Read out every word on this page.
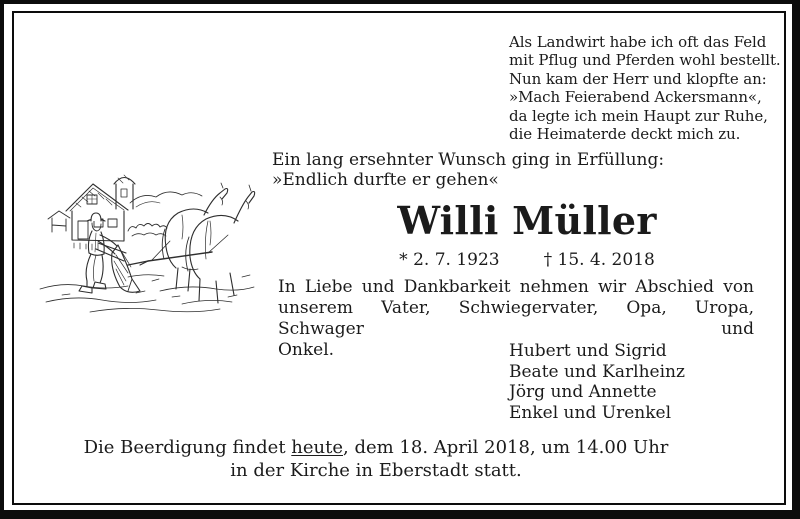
Als Landwirt habe ich oft das Feld
mit Pflug und Pferden wohl bestellt.
Nun kam der Herr und klopfte an:
»Mach Feierabend Ackersmann«,
da legte ich mein Haupt zur Ruhe,
die Heimaterde deckt mich zu.
Ein lang ersehnter Wunsch ging in Erfüllung:
»Endlich durfte er gehen«
Willi Müller
* 2. 7. 1923	† 15. 4. 2018
In Liebe und Dankbarkeit nehmen wir Abschied von
unserem Vater, Schwiegervater, Opa, Uropa, Schwager und
Onkel.	Hubert und Sigrid
Beate und Karlheinz
Jörg und Annette
Enkel und Urenkel
Die Beerdigung findet heute, dem 18. April 2018, um 14.00 Uhr
in der Kirche in Eberstadt statt.
